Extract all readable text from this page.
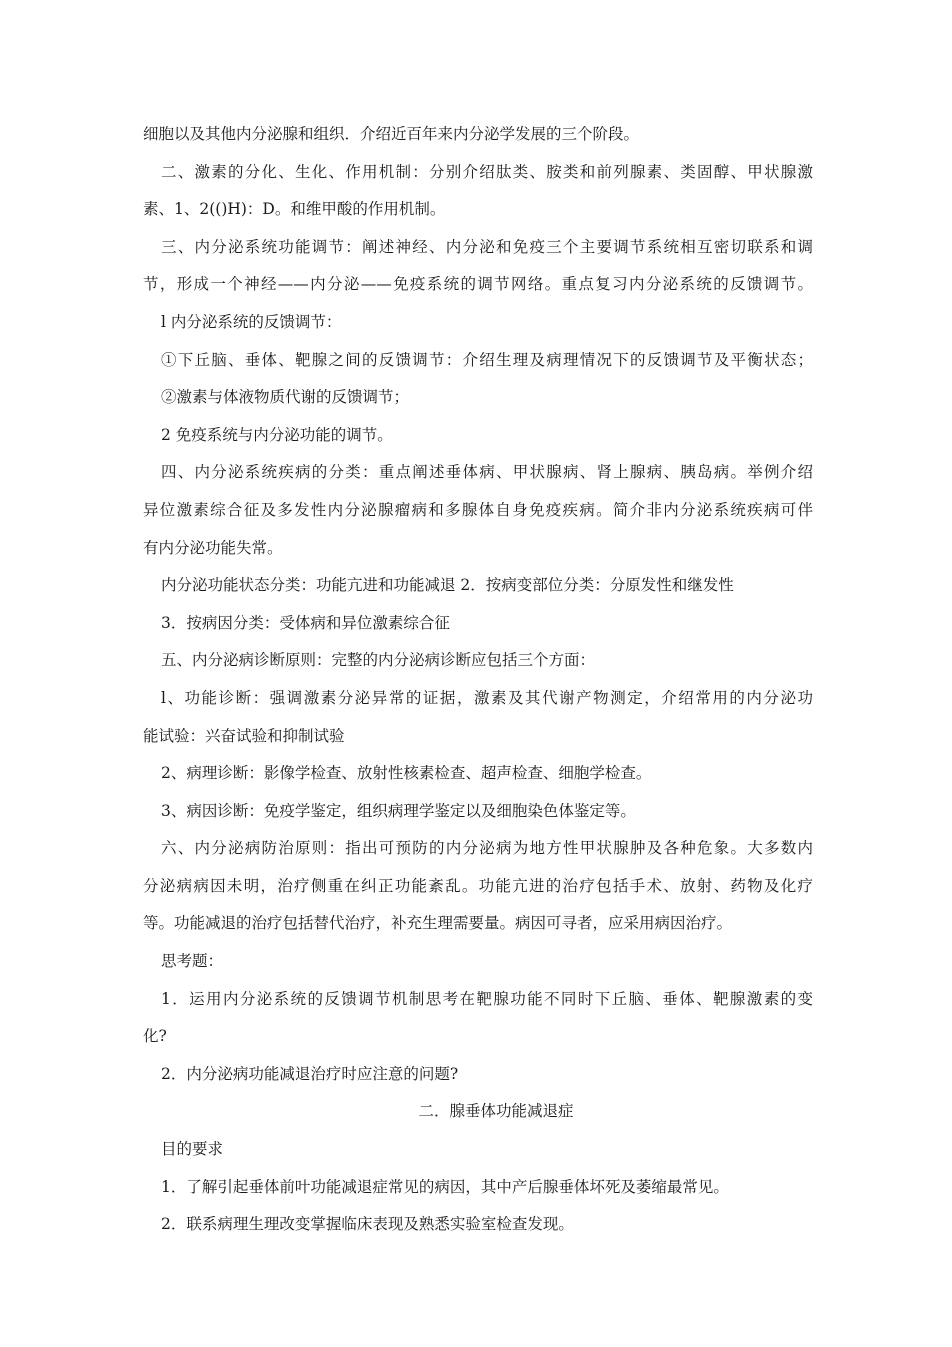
细胞以及其他内分泌腺和组织．介绍近百年来内分泌学发展的三个阶段。
二、激素的分化、生化、作用机制：分别介绍肽类、胺类和前列腺素、类固醇、甲状腺激
素、1、2(()H)：D。和维甲酸的作用机制。
三、内分泌系统功能调节：阐述神经、内分泌和免疫三个主要调节系统相互密切联系和调
节，形成一个神经——内分泌——免疫系统的调节网络。重点复习内分泌系统的反馈调节。
l 内分泌系统的反馈调节：
①下丘脑、垂体、靶腺之间的反馈调节：介绍生理及病理情况下的反馈调节及平衡状态；
②激素与体液物质代谢的反馈调节；
2 免疫系统与内分泌功能的调节。
四、内分泌系统疾病的分类：重点阐述垂体病、甲状腺病、肾上腺病、胰岛病。举例介绍
异位激素综合征及多发性内分泌腺瘤病和多腺体自身免疫疾病。简介非内分泌系统疾病可伴
有内分泌功能失常。
内分泌功能状态分类：功能亢进和功能减退 2．按病变部位分类：分原发性和继发性
3．按病因分类：受体病和异位激素综合征
五、内分泌病诊断原则：完整的内分泌病诊断应包括三个方面：
l、功能诊断：强调激素分泌异常的证据，激素及其代谢产物测定，介绍常用的内分泌功
能试验：兴奋试验和抑制试验
2、病理诊断：影像学检查、放射性核素检查、超声检查、细胞学检查。
3、病因诊断：免疫学鉴定，组织病理学鉴定以及细胞染色体鉴定等。
六、内分泌病防治原则：指出可预防的内分泌病为地方性甲状腺肿及各种危象。大多数内
分泌病病因未明，治疗侧重在纠正功能紊乱。功能亢进的治疗包括手术、放射、药物及化疗
等。功能减退的治疗包括替代治疗，补充生理需要量。病因可寻者，应采用病因治疗。
思考题：
1．运用内分泌系统的反馈调节机制思考在靶腺功能不同时下丘脑、垂体、靶腺激素的变
化?
2．内分泌病功能减退治疗时应注意的问题?
二．腺垂体功能减退症
目的要求
1．了解引起垂体前叶功能减退症常见的病因，其中产后腺垂体坏死及萎缩最常见。
2．联系病理生理改变掌握临床表现及熟悉实验室检查发现。
